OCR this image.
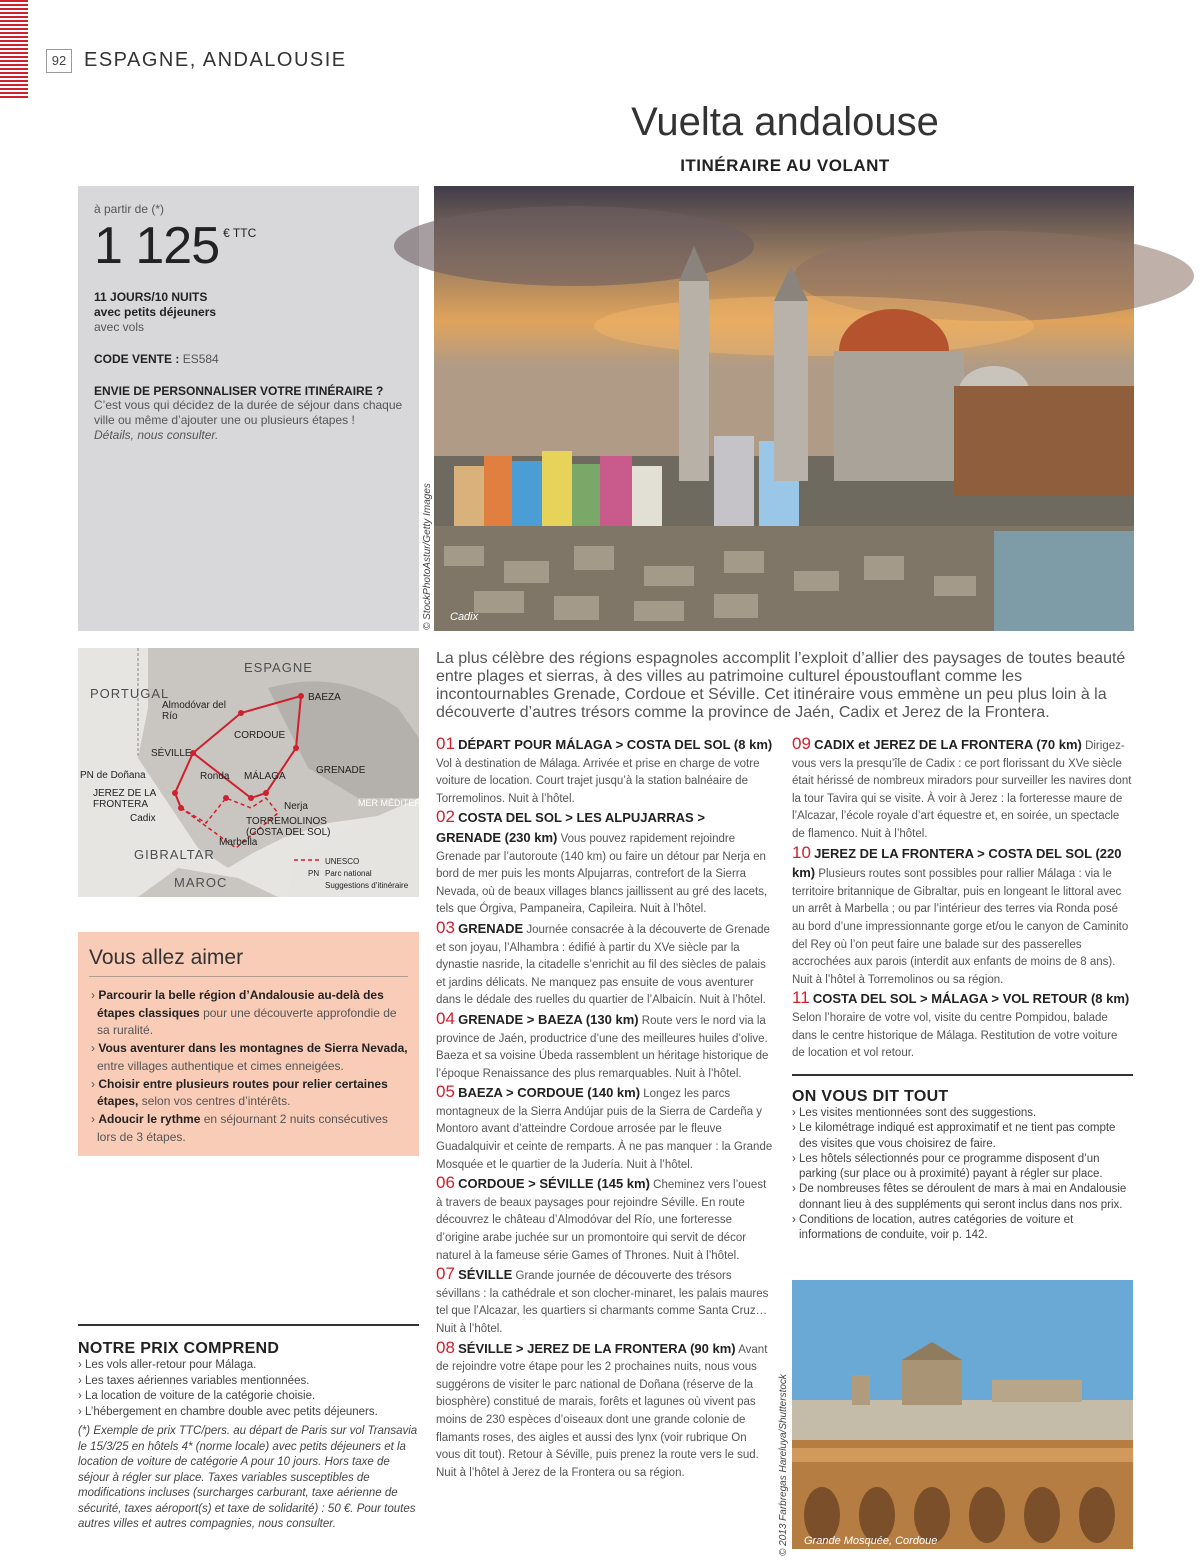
92 ESPAGNE, ANDALOUSIE
Vuelta andalouse
ITINÉRAIRE AU VOLANT
à partir de (*)
1 125 € TTC
11 JOURS/10 NUITS
avec petits déjeuners
avec vols
CODE VENTE : ES584
ENVIE DE PERSONNALISER VOTRE ITINÉRAIRE ?
C’est vous qui décidez de la durée de séjour dans chaque ville ou même d’ajouter une ou plusieurs étapes !
Détails, nous consulter.
Cadix
© StockPhotoAstur/Getty Images
ESPAGNE
PORTUGAL
GIBRALTAR
MAROC
MER MÉDITERRANÉE
Almodóvar del Río
BAEZA
CORDOUE
SÉVILLE
GRENADE
PN de Doñana	Ronda MÁLAGA
JEREZ DE LA FRONTERA	Nerja
Cadix	TORREMOLINOS (COSTA DEL SOL)
Marbella
UNESCO
PN Parc national
Suggestions d’itinéraire
Vous allez aimer
› Parcourir la belle région d’Andalousie au-delà des étapes classiques pour une découverte approfondie de sa ruralité.
› Vous aventurer dans les montagnes de Sierra Nevada, entre villages authentique et cimes enneigées.
› Choisir entre plusieurs routes pour relier certaines étapes, selon vos centres d’intérêts.
› Adoucir le rythme en séjournant 2 nuits consécutives lors de 3 étapes.
NOTRE PRIX COMPREND
› Les vols aller-retour pour Málaga.
› Les taxes aériennes variables mentionnées.
› La location de voiture de la catégorie choisie.
› L’hébergement en chambre double avec petits déjeuners.
(*) Exemple de prix TTC/pers. au départ de Paris sur vol Transavia le 15/3/25 en hôtels 4* (norme locale) avec petits déjeuners et la location de voiture de catégorie A pour 10 jours. Hors taxe de séjour à régler sur place. Taxes variables susceptibles de modifications incluses (surcharges carburant, taxe aérienne de sécurité, taxes aéroport(s) et taxe de solidarité) : 50 €. Pour toutes autres villes et autres compagnies, nous consulter.
La plus célèbre des régions espagnoles accomplit l’exploit d’allier des paysages de toutes beauté entre plages et sierras, à des villes au patrimoine culturel époustouflant comme les incontournables Grenade, Cordoue et Séville. Cet itinéraire vous emmène un peu plus loin à la découverte d’autres trésors comme la province de Jaén, Cadix et Jerez de la Frontera.

01 DÉPART POUR MÁLAGA > COSTA DEL SOL (8 km) Vol à destination de Málaga. Arrivée et prise en charge de votre voiture de location. Court trajet jusqu’à la station balnéaire de Torremolinos. Nuit à l’hôtel.

02 COSTA DEL SOL > LES ALPUJARRAS > GRENADE (230 km) Vous pouvez rapidement rejoindre Grenade par l’autoroute (140 km) ou faire un détour par Nerja en bord de mer puis les monts Alpujarras, contrefort de la Sierra Nevada, où de beaux villages blancs jaillissent au gré des lacets, tels que Órgiva, Pampaneira, Capileira. Nuit à l’hôtel.

03 GRENADE Journée consacrée à la découverte de Grenade et son joyau, l’Alhambra : édifié à partir du XVe siècle par la dynastie nasride, la citadelle s’enrichit au fil des siècles de palais et jardins délicats. Ne manquez pas ensuite de vous aventurer dans le dédale des ruelles du quartier de l’Albaicín. Nuit à l’hôtel.

04 GRENADE > BAEZA (130 km) Route vers le nord via la province de Jaén, productrice d’une des meilleures huiles d’olive. Baeza et sa voisine Úbeda rassemblent un héritage historique de l’époque Renaissance des plus remarquables. Nuit à l’hôtel.

05 BAEZA > CORDOUE (140 km) Longez les parcs montagneux de la Sierra Andújar puis de la Sierra de Cardeña y Montoro avant d’atteindre Cordoue arrosée par le fleuve Guadalquivir et ceinte de remparts. À ne pas manquer : la Grande Mosquée et le quartier de la Judería. Nuit à l’hôtel.

06 CORDOUE > SÉVILLE (145 km) Cheminez vers l’ouest à travers de beaux paysages pour rejoindre Séville. En route découvrez le château d’Almodóvar del Río, une forteresse d’origine arabe juchée sur un promontoire qui servit de décor naturel à la fameuse série Games of Thrones. Nuit à l’hôtel.

07 SÉVILLE Grande journée de découverte des trésors sévillans : la cathédrale et son clocher-minaret, les palais maures tel que l’Alcazar, les quartiers si charmants comme Santa Cruz… Nuit à l’hôtel.

08 SÉVILLE > JEREZ DE LA FRONTERA (90 km) Avant de rejoindre votre étape pour les 2 prochaines nuits, nous vous suggérons de visiter le parc national de Doñana (réserve de la biosphère) constitué de marais, forêts et lagunes où vivent pas moins de 230 espèces d’oiseaux dont une grande colonie de flamants roses, des aigles et aussi des lynx (voir rubrique On vous dit tout). Retour à Séville, puis prenez la route vers le sud. Nuit à l’hôtel à Jerez de la Frontera ou sa région.

09 CADIX et JEREZ DE LA FRONTERA (70 km) Dirigez-vous vers la presqu’île de Cadix : ce port florissant du XVe siècle était hérissé de nombreux miradors pour surveiller les navires dont la tour Tavira qui se visite. À voir à Jerez : la forteresse maure de l’Alcazar, l’école royale d’art équestre et, en soirée, un spectacle de flamenco. Nuit à l’hôtel.

10 JEREZ DE LA FRONTERA > COSTA DEL SOL (220 km) Plusieurs routes sont possibles pour rallier Málaga : via le territoire britannique de Gibraltar, puis en longeant le littoral avec un arrêt à Marbella ; ou par l’intérieur des terres via Ronda posé au bord d’une impressionnante gorge et/ou le canyon de Caminito del Rey où l’on peut faire une balade sur des passerelles accrochées aux parois (interdit aux enfants de moins de 8 ans). Nuit à l’hôtel à Torremolinos ou sa région.

11 COSTA DEL SOL > MÁLAGA > VOL RETOUR (8 km) Selon l’horaire de votre vol, visite du centre Pompidou, balade dans le centre historique de Málaga. Restitution de votre voiture de location et vol retour.

ON VOUS DIT TOUT
› Les visites mentionnées sont des suggestions.
› Le kilométrage indiqué est approximatif et ne tient pas compte des visites que vous choisirez de faire.
› Les hôtels sélectionnés pour ce programme disposent d’un parking (sur place ou à proximité) payant à régler sur place.
› De nombreuses fêtes se déroulent de mars à mai en Andalousie donnant lieu à des suppléments qui seront inclus dans nos prix.
› Conditions de location, autres catégories de voiture et informations de conduite, voir p. 142.
Grande Mosquée, Cordoue
© 2013 Farbregas Hareluya/Shutterstock
